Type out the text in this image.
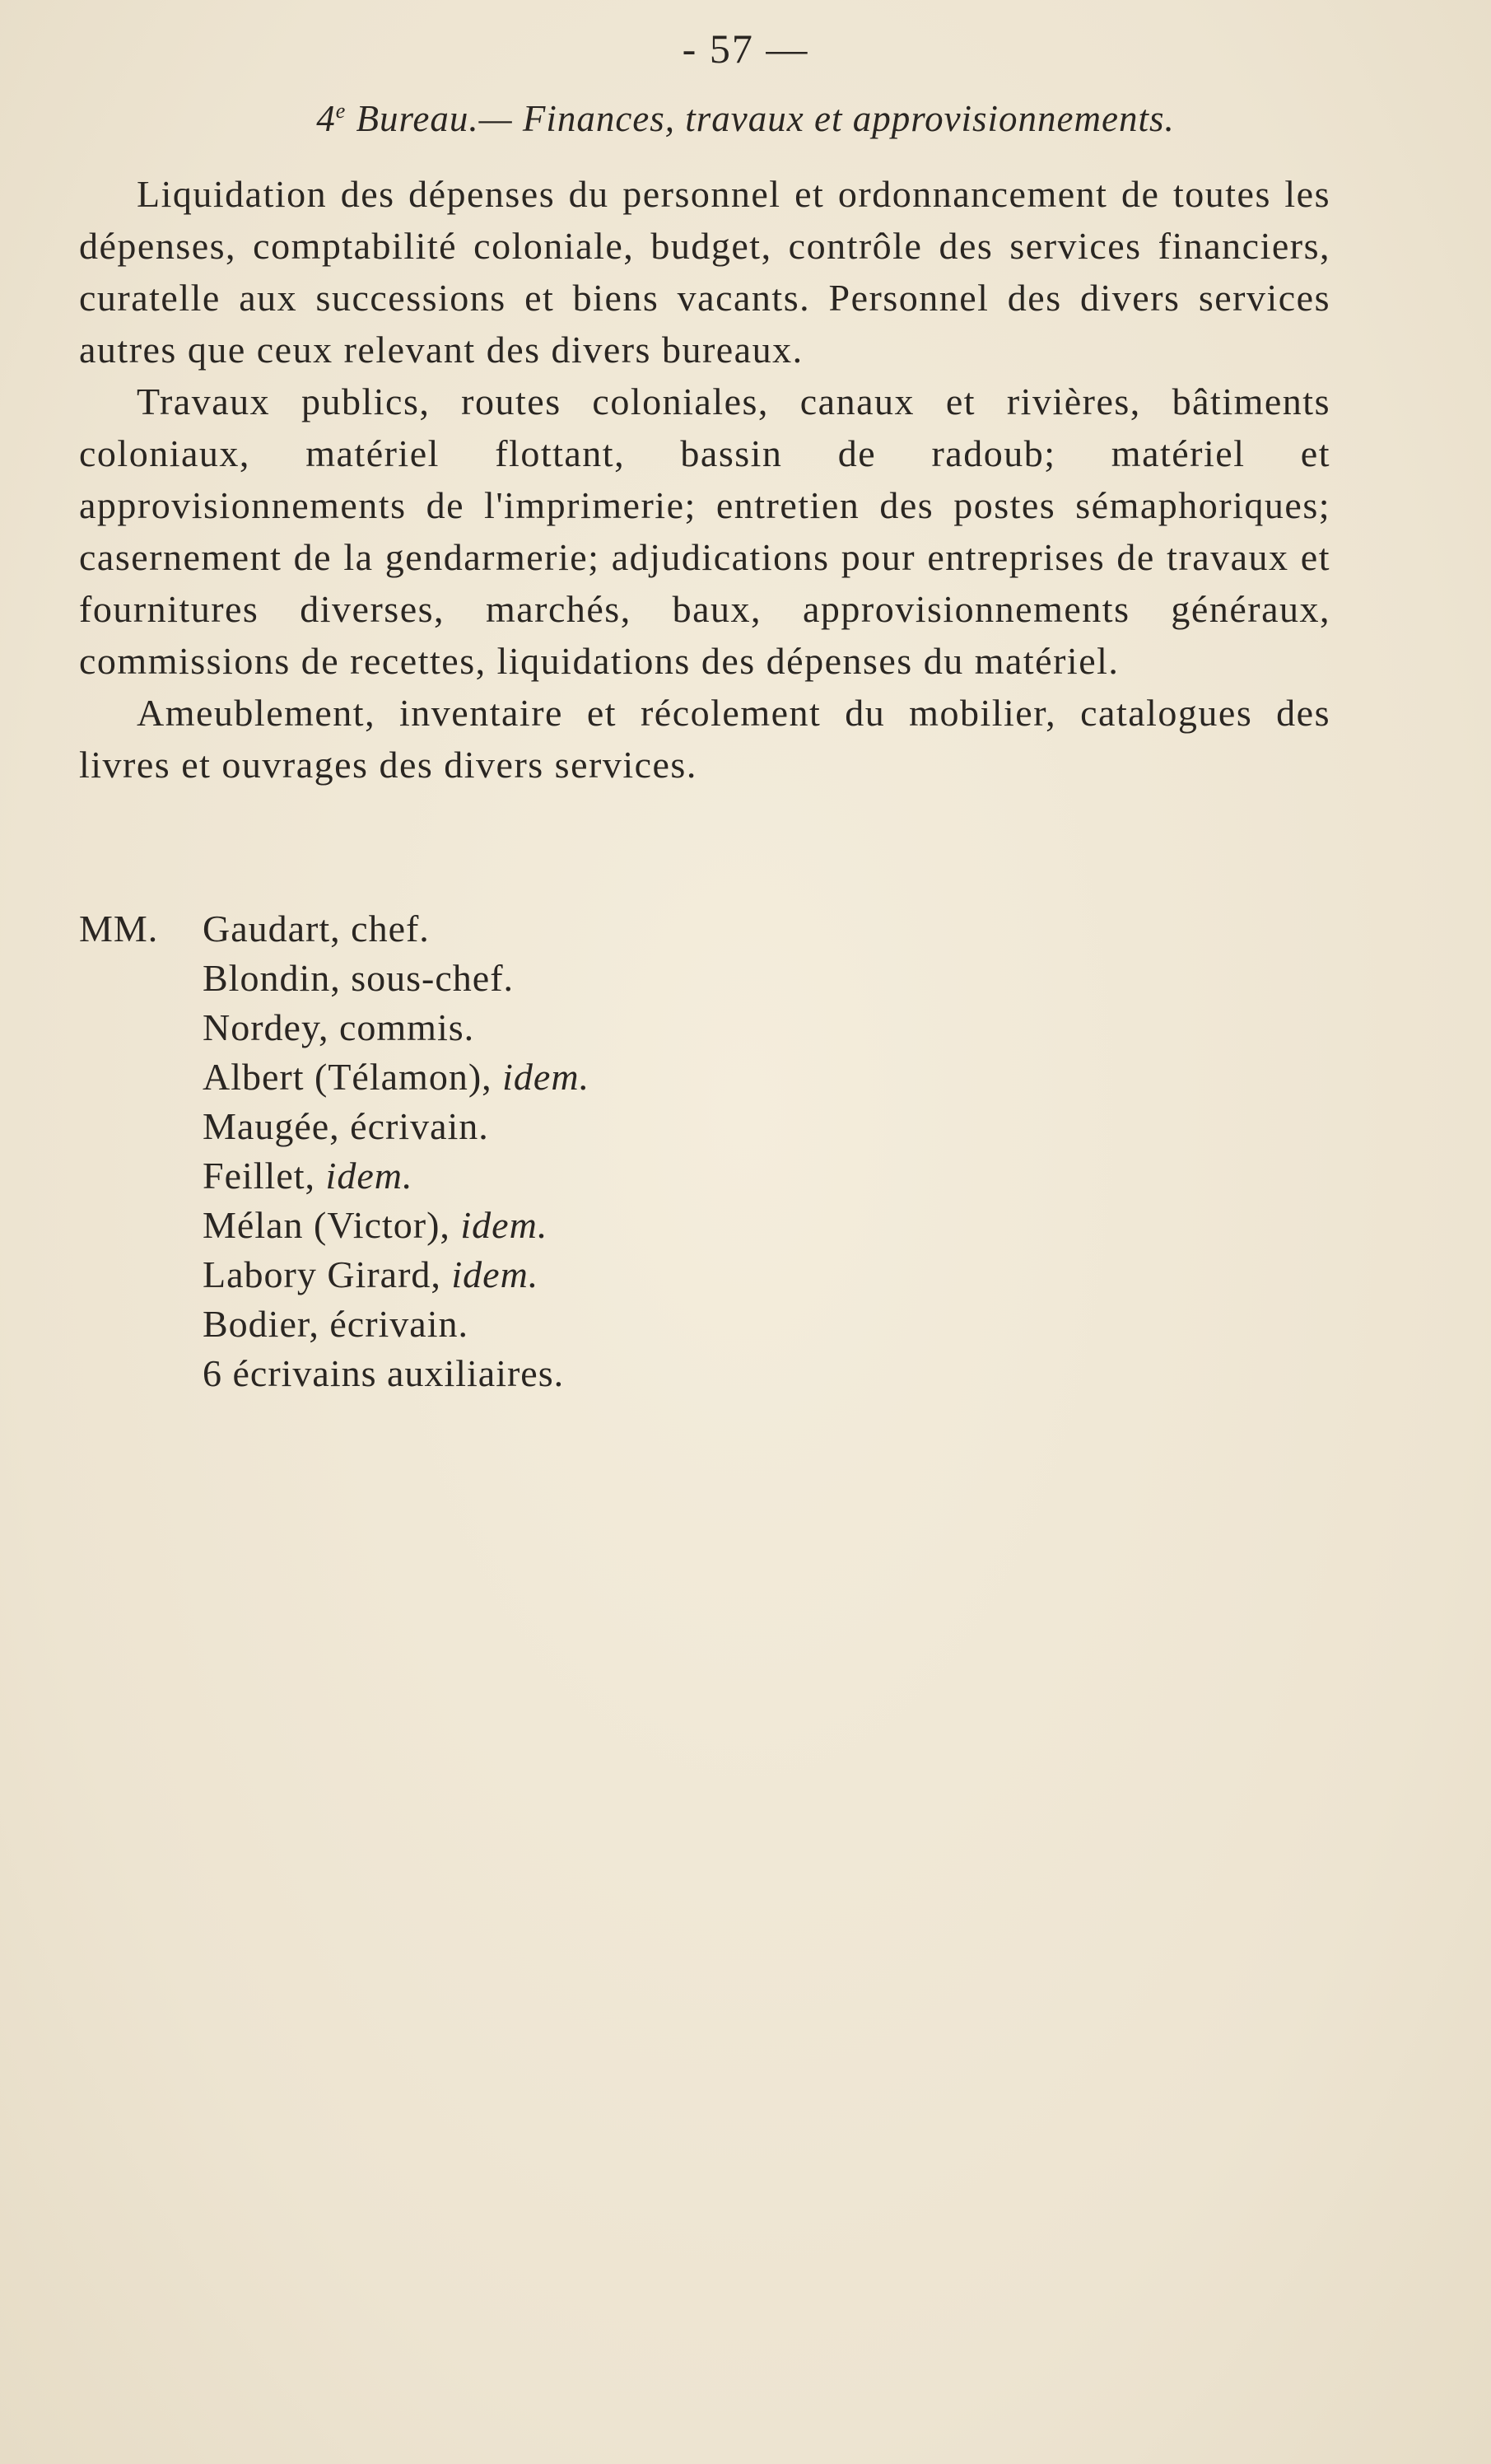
- 57 —
4e Bureau.— Finances, travaux et approvisionnements.

Liquidation des dépenses du personnel et ordonnancement de toutes les dépenses, comptabilité coloniale, budget, contrôle des services financiers, curatelle aux successions et biens vacants. Personnel des divers services autres que ceux relevant des divers bureaux.

Travaux publics, routes coloniales, canaux et rivières, bâtiments coloniaux, matériel flottant, bassin de radoub; matériel et approvisionnements de l'imprimerie; entretien des postes sémaphoriques; casernement de la gendarmerie; adjudications pour entreprises de travaux et fournitures diverses, marchés, baux, approvisionnements généraux, commissions de recettes, liquidations des dépenses du matériel.

Ameublement, inventaire et récolement du mobilier, catalogues des livres et ouvrages des divers services.

MM.	Gaudart,
chef.
Blondin,
sous-chef.
Nordey,
commis.
Albert (Télamon),
idem.
Maugée,
écrivain.
Feillet,
idem.
Mélan (Victor),
idem.
Labory Girard,
idem.
Bodier,
écrivain.
6 écrivains auxiliaires.
